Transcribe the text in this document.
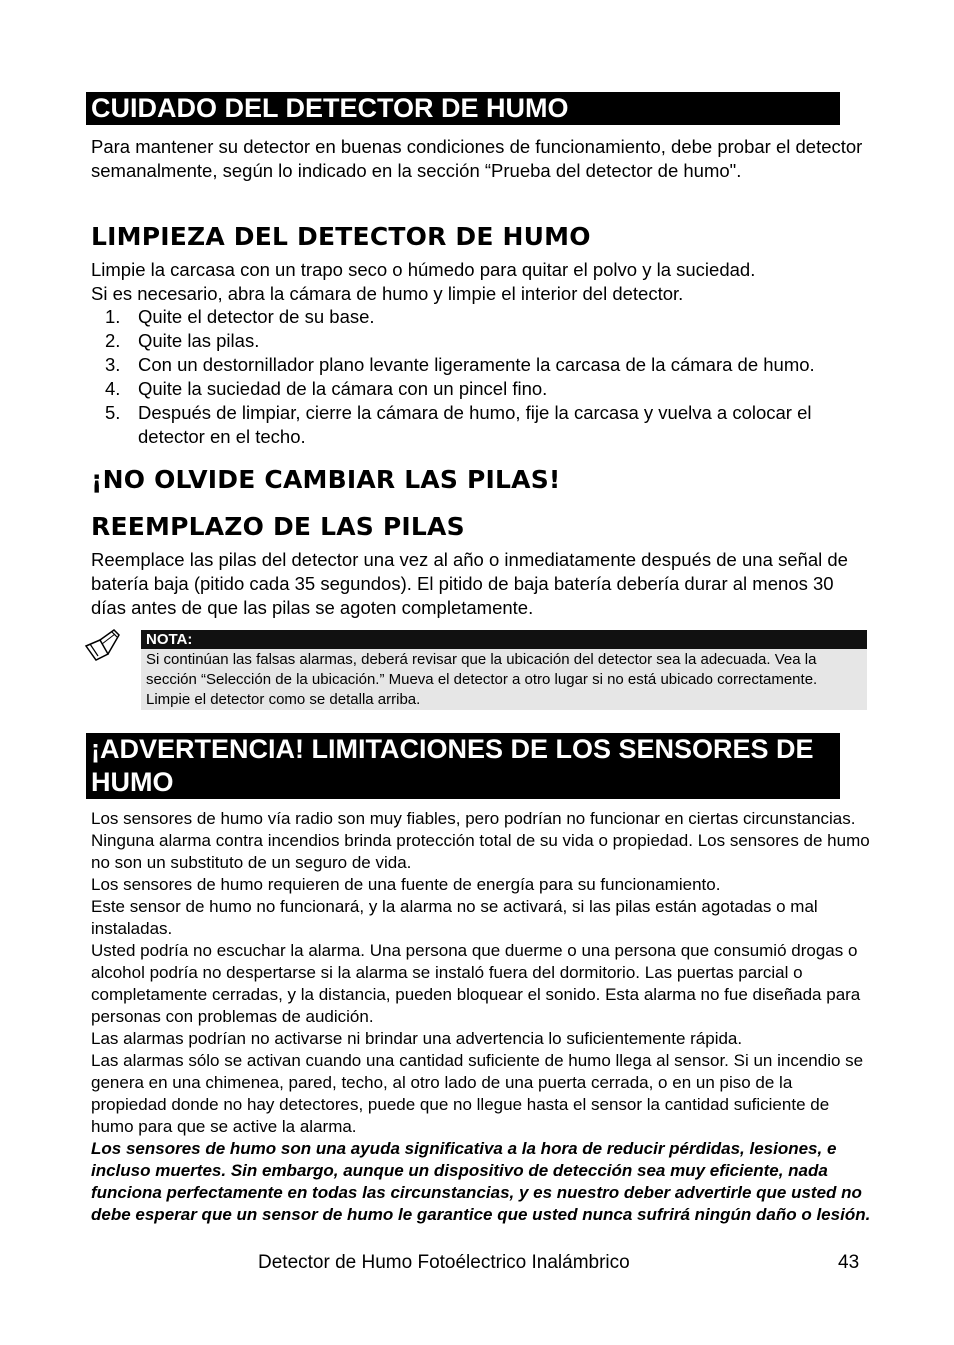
CUIDADO DEL DETECTOR DE HUMO

Para mantener su detector en buenas condiciones de funcionamiento, debe probar el detector semanalmente, según lo indicado en la sección “Prueba del detector de humo".

LIMPIEZA DEL DETECTOR DE HUMO

Limpie la carcasa con un trapo seco o húmedo para quitar el polvo y la suciedad.

Si es necesario, abra la cámara de humo y limpie el interior del detector.

1. Quite el detector de su base.
2. Quite las pilas.
3. Con un destornillador plano levante ligeramente la carcasa de la cámara de humo.
4. Quite la suciedad de la cámara con un pincel fino.
5. Después de limpiar, cierre la cámara de humo, fije la carcasa y vuelva a colocar el detector en el techo.
¡NO OLVIDE CAMBIAR LAS PILAS!
REEMPLAZO DE LAS PILAS

Reemplace las pilas del detector una vez al año o inmediatamente después de una señal de batería baja (pitido cada 35 segundos). El pitido de baja batería debería durar al menos 30 días antes de que las pilas se agoten completamente.

NOTA:
Si continúan las falsas alarmas, deberá revisar que la ubicación del detector sea la adecuada. Vea la sección “Selección de la ubicación.” Mueva el detector a otro lugar si no está ubicado correctamente. Limpie el detector como se detalla arriba.
¡ADVERTENCIA! LIMITACIONES DE LOS SENSORES DE HUMO

Los sensores de humo vía radio son muy fiables, pero podrían no funcionar en ciertas circunstancias. Ninguna alarma contra incendios brinda protección total de su vida o propiedad. Los sensores de humo no son un substituto de un seguro de vida.

Los sensores de humo requieren de una fuente de energía para su funcionamiento.

Este sensor de humo no funcionará, y la alarma no se activará, si las pilas están agotadas o mal instaladas.

Usted podría no escuchar la alarma. Una persona que duerme o una persona que consumió drogas o alcohol podría no despertarse si la alarma se instaló fuera del dormitorio. Las puertas parcial o completamente cerradas, y la distancia, pueden bloquear el sonido. Esta alarma no fue diseñada para personas con problemas de audición.

Las alarmas podrían no activarse ni brindar una advertencia lo suficientemente rápida.

Las alarmas sólo se activan cuando una cantidad suficiente de humo llega al sensor. Si un incendio se genera en una chimenea, pared, techo, al otro lado de una puerta cerrada, o en un piso de la propiedad donde no hay detectores, puede que no llegue hasta el sensor la cantidad suficiente de humo para que se active la alarma.

Los sensores de humo son una ayuda significativa a la hora de reducir pérdidas, lesiones, e incluso muertes. Sin embargo, aunque un dispositivo de detección sea muy eficiente, nada funciona perfectamente en todas las circunstancias, y es nuestro deber advertirle que usted no debe esperar que un sensor de humo le garantice que usted nunca sufrirá ningún daño o lesión.

Detector de Humo Fotoélectrico Inalámbrico	43
